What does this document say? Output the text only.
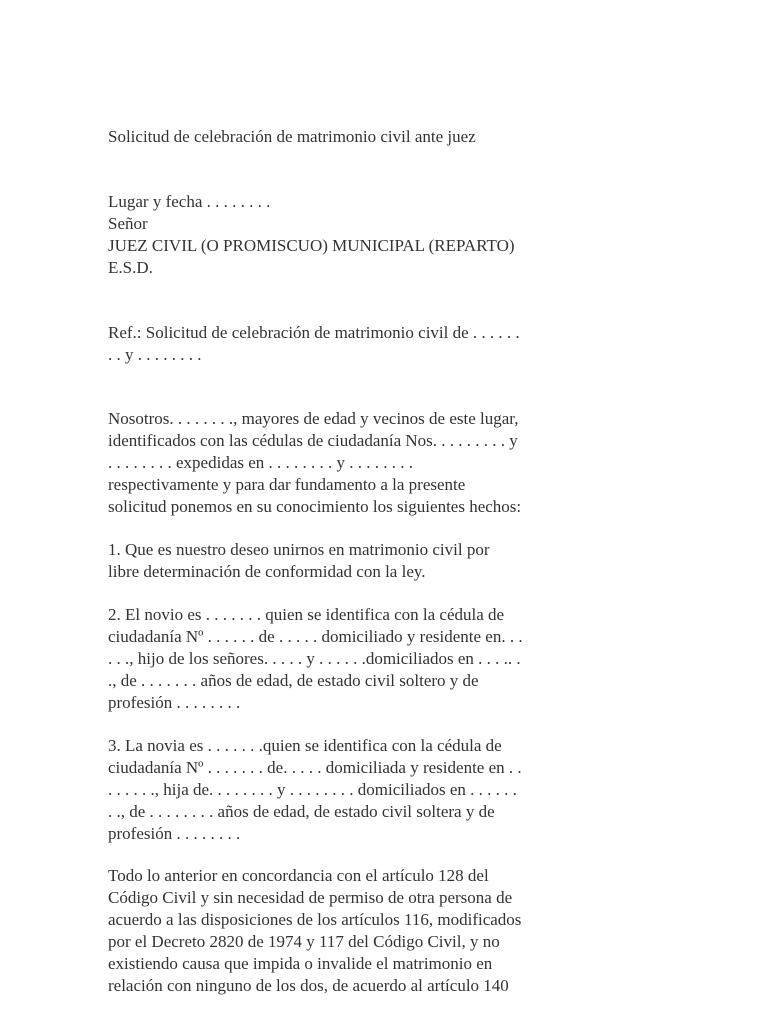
Solicitud de celebración de matrimonio civil ante juez
Lugar y fecha . . . . . . . .
Señor
JUEZ CIVIL (O PROMISCUO) MUNICIPAL (REPARTO)
E.S.D.
Ref.: Solicitud de celebración de matrimonio civil de . . . . . .
. . y . . . . . . . .
Nosotros. . . . . . . ., mayores de edad y vecinos de este lugar,
identificados con las cédulas de ciudadanía Nos. . . . . . . . . y
. . . . . . . . expedidas en . . . . . . . . y . . . . . . . .
respectivamente y para dar fundamento a la presente
solicitud ponemos en su conocimiento los siguientes hechos:
1. Que es nuestro deseo unirnos en matrimonio civil por
libre determinación de conformidad con la ley.
2. El novio es . . . . . . . quien se identifica con la cédula de
ciudadanía Nº . . . . . . de . . . . . domiciliado y residente en. . .
. . ., hijo de los señores. . . . . y . . . . . .domiciliados en . . . .. .
., de . . . . . . . años de edad, de estado civil soltero y de
profesión . . . . . . . .
3. La novia es . . . . . . .quien se identifica con la cédula de
ciudadanía Nº . . . . . . . de. . . . . domiciliada y residente en . .
. . . . . ., hija de. . . . . . . . y . . . . . . . . domiciliados en . . . . . .
. ., de . . . . . . . . años de edad, de estado civil soltera y de
profesión . . . . . . . .
Todo lo anterior en concordancia con el artículo 128 del
Código Civil y sin necesidad de permiso de otra persona de
acuerdo a las disposiciones de los artículos 116, modificados
por el Decreto 2820 de 1974 y 117 del Código Civil, y no
existiendo causa que impida o invalide el matrimonio en
relación con ninguno de los dos, de acuerdo al artículo 140
